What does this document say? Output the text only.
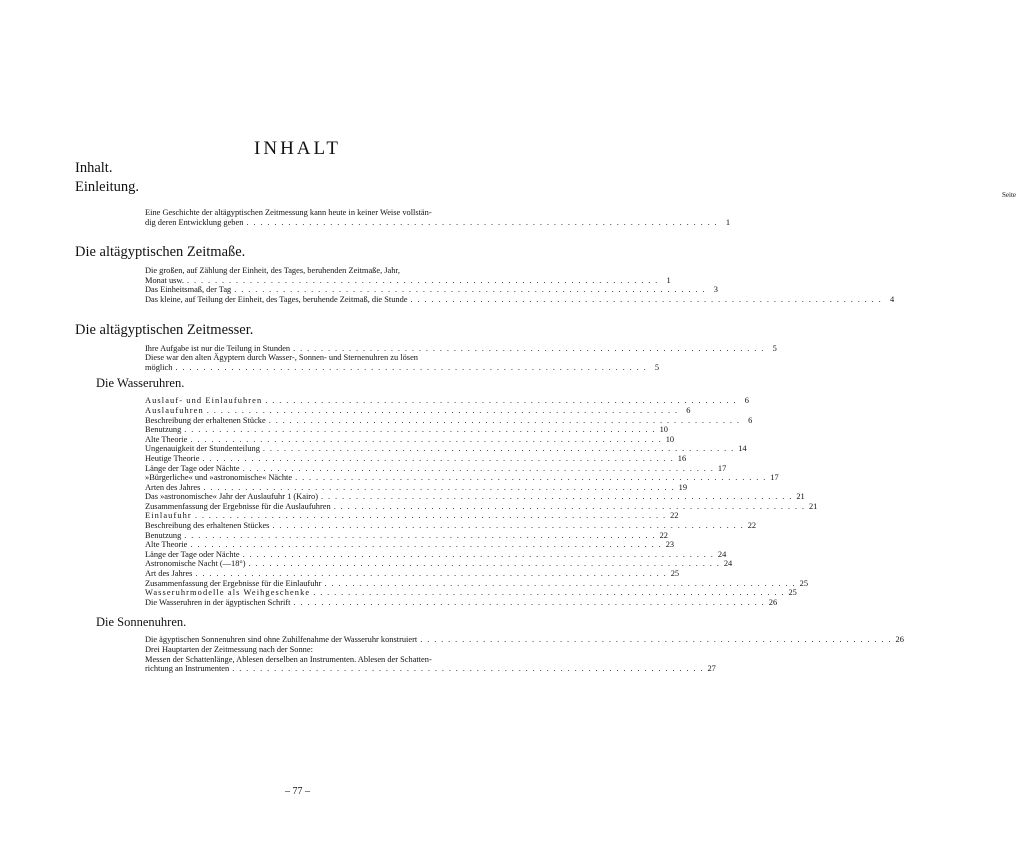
INHALT
Inhalt.
Einleitung.	Seite
Eine Geschichte der altägyptischen Zeitmessung kann heute in keiner Weise vollstän-
dig deren Entwicklung geben . . . . . . . . . . . . . . . . . . . . . . . . . . . . . . . . . . . . . . . . . . . . . . . . . . . . . . . . . . . . . . . . . . . . 1
Die altägyptischen Zeitmaße.
Die großen, auf Zählung der Einheit, des Tages, beruhenden Zeitmaße, Jahr,
Monat usw. . . . . . . . . . . . . . . . . . . . . . . . . . . . . . . . . . . . . . . . . . . . . . . . . . . . . . . . . . . . . . . . . . . . . 1
Das Einheitsmaß, der Tag . . . . . . . . . . . . . . . . . . . . . . . . . . . . . . . . . . . . . . . . . . . . . . . . . . . . . . . . . . . . . . . . . . . . 3
Das kleine, auf Teilung der Einheit, des Tages, beruhende Zeitmaß, die Stunde . . . . . . . . . . . . . . . . . . . . . . . . . . . . . . . . . . . . . . . . . . . . . . . . . . . . . . . . . . . . . . . . . . . . 4
Die altägyptischen Zeitmesser.
Ihre Aufgabe ist nur die Teilung in Stunden . . . . . . . . . . . . . . . . . . . . . . . . . . . . . . . . . . . . . . . . . . . . . . . . . . . . . . . . . . . . . . . . . . . . 5
Diese war den alten Ägyptern durch Wasser-, Sonnen- und Sternenuhren zu lösen
möglich . . . . . . . . . . . . . . . . . . . . . . . . . . . . . . . . . . . . . . . . . . . . . . . . . . . . . . . . . . . . . . . . . . . . 5
Die Wasseruhren.
Auslauf- und Einlaufuhren . . . . . . . . . . . . . . . . . . . . . . . . . . . . . . . . . . . . . . . . . . . . . . . . . . . . . . . . . . . . . . . . . . . . 6
Auslaufuhren . . . . . . . . . . . . . . . . . . . . . . . . . . . . . . . . . . . . . . . . . . . . . . . . . . . . . . . . . . . . . . . . . . . . 6
Beschreibung der erhaltenen Stücke . . . . . . . . . . . . . . . . . . . . . . . . . . . . . . . . . . . . . . . . . . . . . . . . . . . . . . . . . . . . . . . . . . . . 6
Benutzung . . . . . . . . . . . . . . . . . . . . . . . . . . . . . . . . . . . . . . . . . . . . . . . . . . . . . . . . . . . . . . . . . . . . 10
Alte Theorie . . . . . . . . . . . . . . . . . . . . . . . . . . . . . . . . . . . . . . . . . . . . . . . . . . . . . . . . . . . . . . . . . . . . 10
Ungenauigkeit der Stundenteilung . . . . . . . . . . . . . . . . . . . . . . . . . . . . . . . . . . . . . . . . . . . . . . . . . . . . . . . . . . . . . . . . . . . . 14
Heutige Theorie . . . . . . . . . . . . . . . . . . . . . . . . . . . . . . . . . . . . . . . . . . . . . . . . . . . . . . . . . . . . . . . . . . . . 16
Länge der Tage oder Nächte . . . . . . . . . . . . . . . . . . . . . . . . . . . . . . . . . . . . . . . . . . . . . . . . . . . . . . . . . . . . . . . . . . . . 17
»Bürgerliche« und »astronomische« Nächte . . . . . . . . . . . . . . . . . . . . . . . . . . . . . . . . . . . . . . . . . . . . . . . . . . . . . . . . . . . . . . . . . . . . 17
Arten des Jahres . . . . . . . . . . . . . . . . . . . . . . . . . . . . . . . . . . . . . . . . . . . . . . . . . . . . . . . . . . . . . . . . . . . . 19
Das »astronomische« Jahr der Auslaufuhr 1 (Kairo) . . . . . . . . . . . . . . . . . . . . . . . . . . . . . . . . . . . . . . . . . . . . . . . . . . . . . . . . . . . . . . . . . . . . 21
Zusammenfassung der Ergebnisse für die Auslaufuhren . . . . . . . . . . . . . . . . . . . . . . . . . . . . . . . . . . . . . . . . . . . . . . . . . . . . . . . . . . . . . . . . . . . . 21
Einlaufuhr . . . . . . . . . . . . . . . . . . . . . . . . . . . . . . . . . . . . . . . . . . . . . . . . . . . . . . . . . . . . . . . . . . . . 22
Beschreibung des erhaltenen Stückes . . . . . . . . . . . . . . . . . . . . . . . . . . . . . . . . . . . . . . . . . . . . . . . . . . . . . . . . . . . . . . . . . . . . 22
Benutzung . . . . . . . . . . . . . . . . . . . . . . . . . . . . . . . . . . . . . . . . . . . . . . . . . . . . . . . . . . . . . . . . . . . . 22
Alte Theorie . . . . . . . . . . . . . . . . . . . . . . . . . . . . . . . . . . . . . . . . . . . . . . . . . . . . . . . . . . . . . . . . . . . . 23
Länge der Tage oder Nächte . . . . . . . . . . . . . . . . . . . . . . . . . . . . . . . . . . . . . . . . . . . . . . . . . . . . . . . . . . . . . . . . . . . . 24
Astronomische Nacht (—18°) . . . . . . . . . . . . . . . . . . . . . . . . . . . . . . . . . . . . . . . . . . . . . . . . . . . . . . . . . . . . . . . . . . . . 24
Art des Jahres . . . . . . . . . . . . . . . . . . . . . . . . . . . . . . . . . . . . . . . . . . . . . . . . . . . . . . . . . . . . . . . . . . . . 25
Zusammenfassung der Ergebnisse für die Einlaufuhr . . . . . . . . . . . . . . . . . . . . . . . . . . . . . . . . . . . . . . . . . . . . . . . . . . . . . . . . . . . . . . . . . . . . 25
Wasseruhrmodelle als Weihgeschenke . . . . . . . . . . . . . . . . . . . . . . . . . . . . . . . . . . . . . . . . . . . . . . . . . . . . . . . . . . . . . . . . . . . . 25
Die Wasseruhren in der ägyptischen Schrift . . . . . . . . . . . . . . . . . . . . . . . . . . . . . . . . . . . . . . . . . . . . . . . . . . . . . . . . . . . . . . . . . . . . 26
Die Sonnenuhren.
Die ägyptischen Sonnenuhren sind ohne Zuhilfenahme der Wasseruhr konstruiert . . . . . . . . . . . . . . . . . . . . . . . . . . . . . . . . . . . . . . . . . . . . . . . . . . . . . . . . . . . . . . . . . . . . 26
Drei Hauptarten der Zeitmessung nach der Sonne:
Messen der Schattenlänge, Ablesen derselben an Instrumenten. Ablesen der Schatten-
richtung an Instrumenten . . . . . . . . . . . . . . . . . . . . . . . . . . . . . . . . . . . . . . . . . . . . . . . . . . . . . . . . . . . . . . . . . . . . 27
– 77 –
